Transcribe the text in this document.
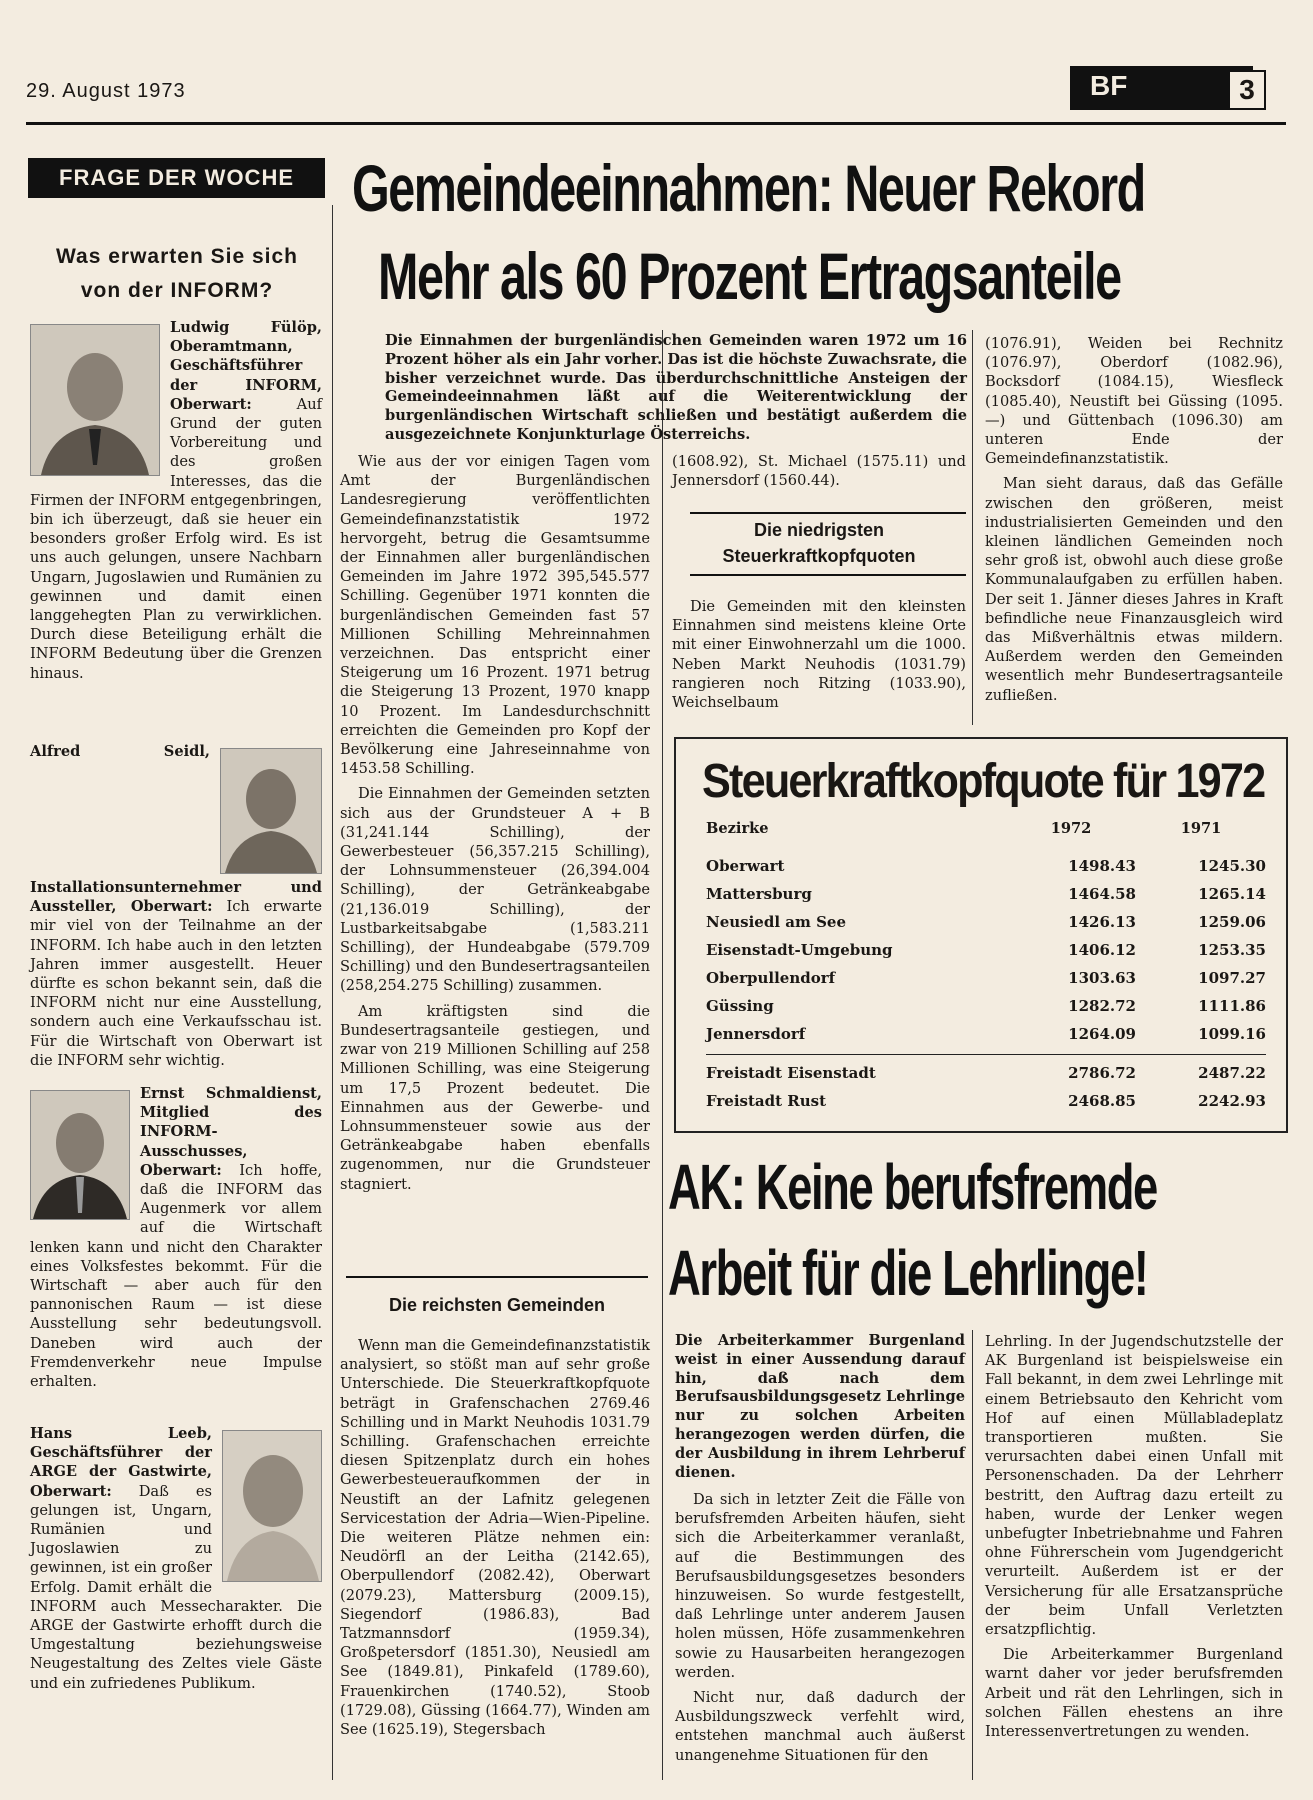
29. August 1973	BF	3
FRAGE DER WOCHE
Was erwarten Sie sich
von der INFORM?

Ludwig Fülöp, Oberamtmann, Geschäftsführer der INFORM, Oberwart:	Auf Grund der guten Vorbereitung und des großen Interesses, das die Firmen der INFORM entgegenbringen, bin ich überzeugt, daß sie heuer ein besonders großer Erfolg wird. Es ist uns auch gelungen, unsere Nachbarn Ungarn, Jugoslawien und Rumänien zu gewinnen und damit einen langgehegten Plan zu verwirklichen. Durch diese Beteiligung erhält die INFORM Bedeutung über die Grenzen hinaus.

Alfred Seidl, Installationsunternehmer und Aussteller, Oberwart: Ich erwarte mir viel von der Teilnahme an der INFORM. Ich habe auch in den letzten Jahren immer ausgestellt. Heuer dürfte es schon bekannt sein, daß die INFORM nicht nur eine Ausstellung, sondern auch eine Verkaufsschau ist. Für die Wirtschaft von Oberwart ist die INFORM sehr wichtig.

Ernst Schmaldienst, Mitglied des INFORM-Ausschusses, Oberwart: Ich hoffe, daß die INFORM das Augenmerk vor allem auf die Wirtschaft lenken kann und nicht den Charakter eines Volksfestes bekommt. Für die Wirtschaft — aber auch für den pannonischen Raum — ist diese Ausstellung sehr bedeutungsvoll. Daneben wird auch der Fremdenverkehr neue Impulse erhalten.

Hans Leeb, Geschäftsführer der ARGE der Gastwirte, Oberwart: Daß es gelungen ist, Ungarn, Rumänien und Jugoslawien zu gewinnen, ist ein großer Erfolg. Damit erhält die INFORM auch Messecharakter. Die ARGE der Gastwirte erhofft durch die Umgestaltung beziehungsweise Neugestaltung des Zeltes viele Gäste und ein zufriedenes Publikum.

Gemeindeeinnahmen: Neuer Rekord
Mehr als 60 Prozent Ertragsanteile
Die Einnahmen der burgenländischen Gemeinden waren 1972 um 16 Prozent höher als ein Jahr vorher. Das ist die höchste Zuwachsrate, die bisher verzeichnet wurde. Das überdurchschnittliche Ansteigen der Gemeindeeinnahmen läßt auf die Weiterentwicklung der burgenländischen Wirtschaft schließen und bestätigt außerdem die ausgezeichnete Konjunkturlage Österreichs.

Wie aus der vor einigen Tagen vom Amt der Burgenländischen Landesregierung veröffentlichten Gemeindefinanzstatistik 1972 hervorgeht, betrug die Gesamtsumme der Einnahmen aller burgenländischen Gemeinden im Jahre 1972 395,545.577 Schilling. Gegenüber 1971 konnten die burgenländischen Gemeinden fast 57 Millionen Schilling Mehreinnahmen verzeichnen. Das entspricht einer Steigerung um 16 Prozent. 1971 betrug die Steigerung 13 Prozent, 1970 knapp 10 Prozent. Im Landesdurchschnitt erreichten die Gemeinden pro Kopf der Bevölkerung eine Jahreseinnahme von 1453.58 Schilling.

Die Einnahmen der Gemeinden setzten sich aus der Grundsteuer A + B (31,241.144 Schilling), der Gewerbesteuer (56,357.215 Schilling), der Lohnsummensteuer (26,394.004 Schilling), der Getränkeabgabe (21,136.019 Schilling), der Lustbarkeitsabgabe (1,583.211 Schilling), der Hundeabgabe (579.709 Schilling) und den Bundesertragsanteilen (258,254.275 Schilling) zusammen.

Am kräftigsten sind die Bundesertragsanteile gestiegen, und zwar von 219 Millionen Schilling auf 258 Millionen Schilling, was eine Steigerung um 17,5 Prozent bedeutet. Die Einnahmen aus der Gewerbe- und Lohnsummensteuer sowie aus der Getränkeabgabe haben ebenfalls zugenommen, nur die Grundsteuer stagniert.

Die reichsten Gemeinden

Wenn man die Gemeindefinanzstatistik analysiert, so stößt man auf sehr große Unterschiede. Die Steuerkraftkopfquote beträgt in Grafenschachen 2769.46 Schilling und in Markt Neuhodis 1031.79 Schilling. Grafenschachen erreichte diesen Spitzenplatz durch ein hohes Gewerbesteueraufkommen der in Neustift an der Lafnitz gelegenen Servicestation der Adria—Wien-Pipeline. Die weiteren Plätze nehmen ein: Neudörfl an der Leitha (2142.65), Oberpullendorf (2082.42), Oberwart (2079.23), Mattersburg (2009.15), Siegendorf (1986.83), Bad Tatzmannsdorf (1959.34), Großpetersdorf (1851.30), Neusiedl am See (1849.81), Pinkafeld (1789.60), Frauenkirchen (1740.52), Stoob (1729.08), Güssing (1664.77), Winden am See (1625.19), Stegersbach

(1608.92), St. Michael (1575.11) und Jennersdorf (1560.44).

Die niedrigsten
Steuerkraftkopfquoten

Die Gemeinden mit den kleinsten Einnahmen sind meistens kleine Orte mit einer Einwohnerzahl um die 1000. Neben Markt Neuhodis (1031.79) rangieren noch Ritzing (1033.90), Weichselbaum

(1076.91), Weiden bei Rechnitz (1076.97), Oberdorf (1082.96), Bocksdorf (1084.15), Wiesfleck (1085.40), Neustift bei Güssing (1095.—) und Güttenbach (1096.30) am unteren Ende der Gemeindefinanzstatistik.

Man sieht daraus, daß das Gefälle zwischen den größeren, meist industrialisierten Gemeinden und den kleinen ländlichen Gemeinden noch sehr groß ist, obwohl auch diese große Kommunalaufgaben zu erfüllen haben. Der seit 1. Jänner dieses Jahres in Kraft befindliche neue Finanzausgleich wird das Mißverhältnis etwas mildern. Außerdem werden den Gemeinden wesentlich mehr Bundesertragsanteile zufließen.

Steuerkraftkopfquote für 1972
Bezirke	1972	1971
Oberwart	1498.43	1245.30
Mattersburg	1464.58	1265.14
Neusiedl am See	1426.13	1259.06
Eisenstadt-Umgebung	1406.12	1253.35
Oberpullendorf	1303.63	1097.27
Güssing	1282.72	1111.86
Jennersdorf	1264.09	1099.16
Freistadt Eisenstadt	2786.72	2487.22
Freistadt Rust	2468.85	2242.93
AK: Keine berufsfremde
Arbeit für die Lehrlinge!
Die Arbeiterkammer Burgenland weist in einer Aussendung darauf hin, daß nach dem Berufsausbildungsgesetz Lehrlinge nur zu solchen Arbeiten herangezogen werden dürfen, die der Ausbildung in ihrem Lehrberuf dienen.

Da sich in letzter Zeit die Fälle von berufsfremden Arbeiten häufen, sieht sich die Arbeiterkammer veranlaßt, auf die Bestimmungen des Berufsausbildungsgesetzes besonders hinzuweisen. So wurde festgestellt, daß Lehrlinge unter anderem Jausen holen müssen, Höfe zusammenkehren sowie zu Hausarbeiten herangezogen werden.

Nicht nur, daß dadurch der Ausbildungszweck verfehlt wird, entstehen manchmal auch äußerst unangenehme Situationen für den

Lehrling. In der Jugendschutzstelle der AK Burgenland ist beispielsweise ein Fall bekannt, in dem zwei Lehrlinge mit einem Betriebsauto den Kehricht vom Hof auf einen Müllabladeplatz transportieren mußten. Sie verursachten dabei einen Unfall mit Personenschaden. Da der Lehrherr bestritt, den Auftrag dazu erteilt zu haben, wurde der Lenker wegen unbefugter Inbetriebnahme und Fahren ohne Führerschein vom Jugendgericht verurteilt. Außerdem ist er der Versicherung für alle Ersatzansprüche der beim Unfall Verletzten ersatzpflichtig.

Die Arbeiterkammer Burgenland warnt daher vor jeder berufsfremden Arbeit und rät den Lehrlingen, sich in solchen Fällen ehestens an ihre Interessenvertretungen zu wenden.
